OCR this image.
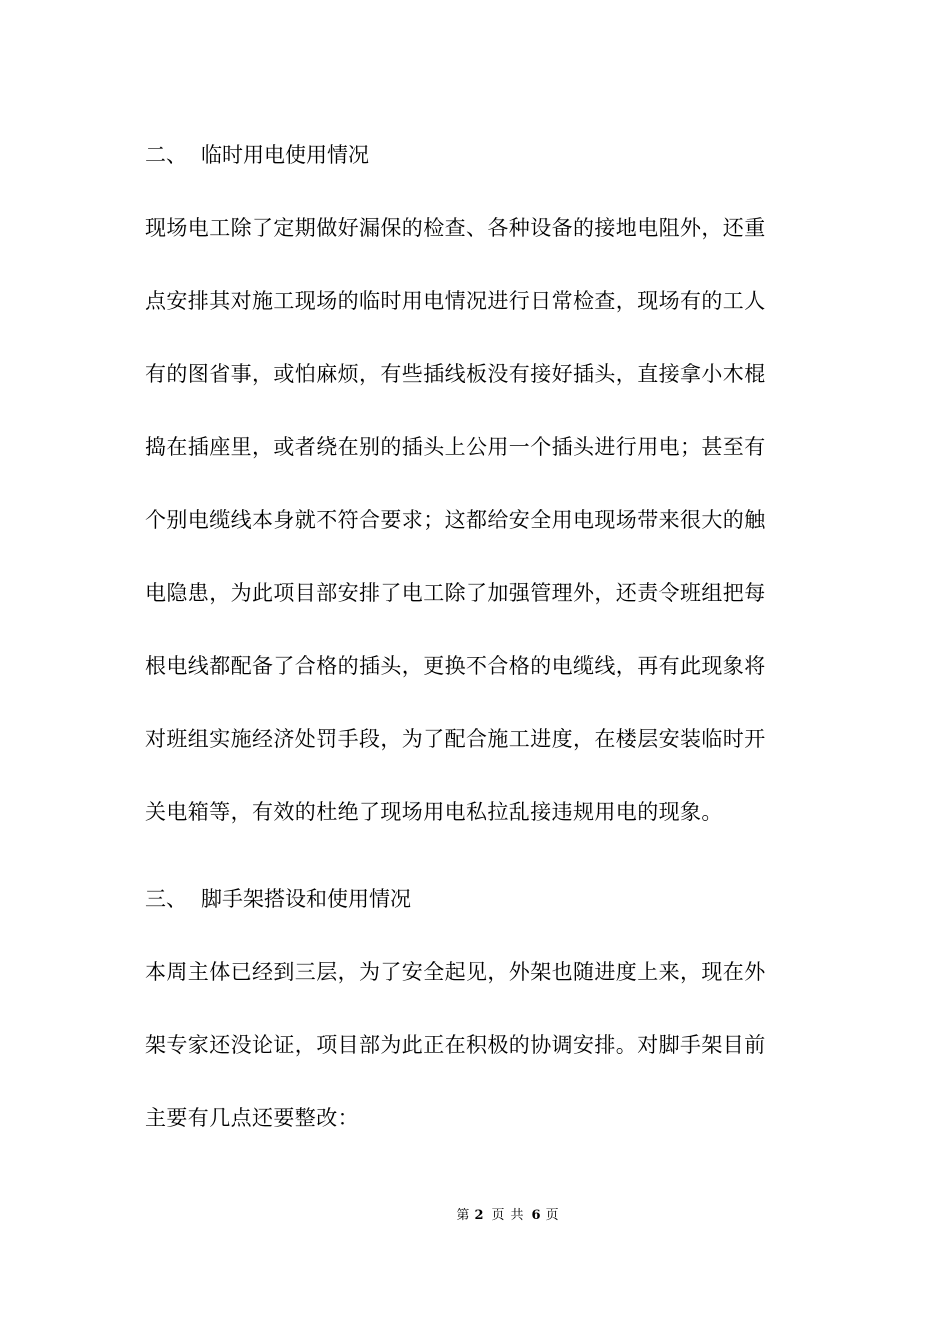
二、 临时用电使用情况
现场电工除了定期做好漏保的检查、各种设备的接地电阻外，还重
点安排其对施工现场的临时用电情况进行日常检查，现场有的工人
有的图省事，或怕麻烦，有些插线板没有接好插头，直接拿小木棍
捣在插座里，或者绕在别的插头上公用一个插头进行用电；甚至有
个别电缆线本身就不符合要求；这都给安全用电现场带来很大的触
电隐患，为此项目部安排了电工除了加强管理外，还责令班组把每
根电线都配备了合格的插头，更换不合格的电缆线，再有此现象将
对班组实施经济处罚手段，为了配合施工进度，在楼层安装临时开
关电箱等，有效的杜绝了现场用电私拉乱接违规用电的现象。
三、 脚手架搭设和使用情况
本周主体已经到三层，为了安全起见，外架也随进度上来，现在外
架专家还没论证，项目部为此正在积极的协调安排。对脚手架目前
主要有几点还要整改：
第 2 页 共 6 页
